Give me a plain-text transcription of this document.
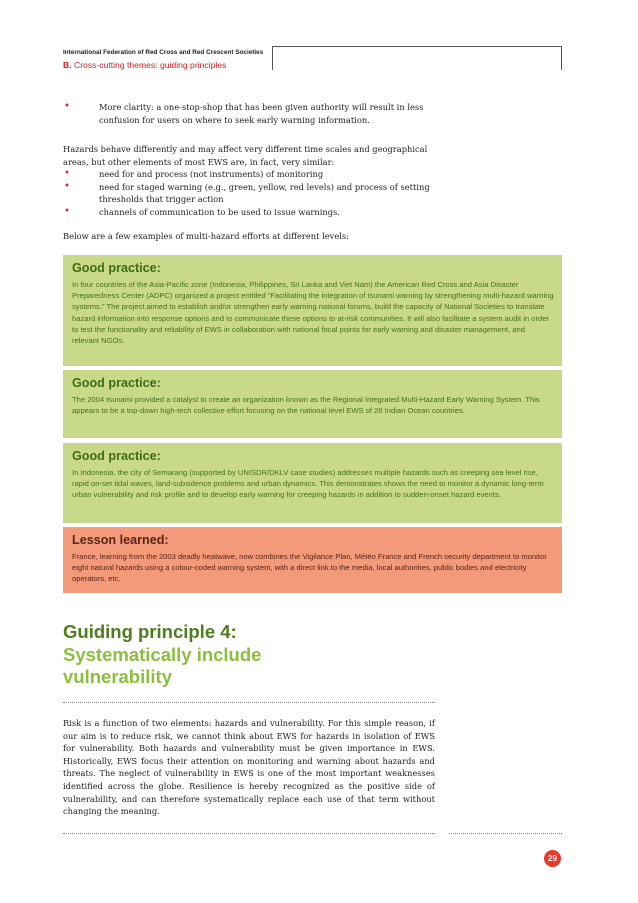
International Federation of Red Cross and Red Crescent Societies
B. Cross-cutting themes: guiding principles
•	More clarity: a one-stop-shop that has been given authority will result in less confusion for users on where to seek early warning information.
Hazards behave differently and may affect very different time scales and geographical areas, but other elements of most EWS are, in fact, very similar:
•	need for and process (not instruments) of monitoring
•	need for staged warning (e.g., green, yellow, red levels) and process of setting thresholds that trigger action
•	channels of communication to be used to issue warnings.
Below are a few examples of multi-hazard efforts at different levels:
Good practice:

In four countries of the Asia-Pacific zone (Indonesia, Philippines, Sri Lanka and Viet Nam) the American Red Cross and Asia Disaster Preparedness Center (ADPC) organized a project entitled “Facilitating the integration of tsunami warning by strengthening multi-hazard warning systems.” The project aimed to establish and/or strengthen early warning national forums, build the capacity of National Societies to translate hazard information into response options and to communicate these options to at-risk communities. It will also facilitate a system audit in order to test the functionality and reliability of EWS in collaboration with national focal points for early warning and disaster management, and relevant NGOs.

Good practice:

The 2004 tsunami provided a catalyst to create an organization known as the Regional Integrated Multi-Hazard Early Warning System. This appears to be a top-down high-tech collective effort focusing on the national level EWS of 26 Indian Ocean countries.

Good practice:

In Indonesia, the city of Semarang (supported by UNISDR/DKLV case studies) addresses multiple hazards such as creeping sea level rise, rapid on-set tidal waves, land-subsidence problems and urban dynamics. This demonstrates shows the need to monitor a dynamic long-term urban vulnerability and risk profile and to develop early warning for creeping hazards in addition to sudden-onset hazard events.

Lesson learned:

France, learning from the 2003 deadly heatwave, now combines the Vigilance Plan, Météo France and French security department to monitor eight natural hazards using a colour-coded warning system, with a direct link to the media, local authorities, public bodies and electricity operators, etc.

Guiding principle 4:
Systematically include
vulnerability
Risk is a function of two elements: hazards and vulnerability. For this simple reason, if our aim is to reduce risk, we cannot think about EWS for hazards in isolation of EWS for vulnerability. Both hazards and vulnerability must be given importance in EWS. Historically, EWS focus their attention on monitoring and warning about hazards and threats. The neglect of vulnerability in EWS is one of the most important weaknesses identified across the globe. Resilience is hereby recognized as the positive side of vulnerability, and can therefore systematically replace each use of that term without changing the meaning.
29
